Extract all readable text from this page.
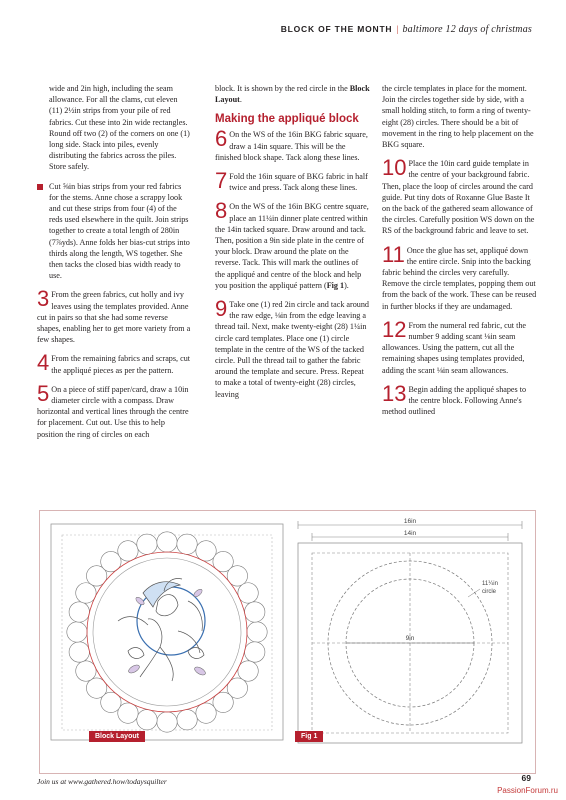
BLOCK OF THE MONTH | baltimore 12 days of christmas

wide and 2in high, including the seam allowance. For all the clams, cut eleven (11) 2½in strips from your pile of red fabrics. Cut these into 2in wide rectangles. Round off two (2) of the corners on one (1) long side. Stack into piles, evenly distributing the fabrics across the piles. Store safely.

Cut ⅝in bias strips from your red fabrics for the stems. Anne chose a scrappy look and cut these strips from four (4) of the reds used elsewhere in the quilt. Join strips together to create a total length of 280in (7⅞yds). Anne folds her bias-cut strips into thirds along the length, WS together. She then tacks the closed bias width ready to use.

3 From the green fabrics, cut holly and ivy leaves using the templates provided. Anne cut in pairs so that she had some reverse shapes, enabling her to get more variety from a few shapes.

4 From the remaining fabrics and scraps, cut the appliqué pieces as per the pattern.

5 On a piece of stiff paper/card, draw a 10in diameter circle with a compass. Draw horizontal and vertical lines through the centre for placement. Cut out. Use this to help position the ring of circles on each

block. It is shown by the red circle in the Block Layout.

Making the appliqué block

6 On the WS of the 16in BKG fabric square, draw a 14in square. This will be the finished block shape. Tack along these lines.

7 Fold the 16in square of BKG fabric in half twice and press. Tack along these lines.

8 On the WS of the 16in BKG centre square, place an 11¼in dinner plate centred within the 14in tacked square. Draw around and tack. Then, position a 9in side plate in the centre of your block. Draw around the plate on the reverse. Tack. This will mark the outlines of the appliqué and centre of the block and help you position the appliqué pattern (Fig 1).

9 Take one (1) red 2in circle and tack around the raw edge, ⅛in from the edge leaving a thread tail. Next, make twenty-eight (28) 1¼in circle card templates. Place one (1) circle template in the centre of the WS of the tacked circle. Pull the thread tail to gather the fabric around the template and secure. Press. Repeat to make a total of twenty-eight (28) circles, leaving

the circle templates in place for the moment. Join the circles together side by side, with a small holding stitch, to form a ring of twenty-eight (28) circles. There should be a bit of movement in the ring to help placement on the BKG square.

10 Place the 10in card guide template in the centre of your background fabric. Then, place the loop of circles around the card guide. Put tiny dots of Roxanne Glue Baste It on the back of the gathered seam allowance of the circles. Carefully position WS down on the RS of the background fabric and leave to set.

11 Once the glue has set, appliqué down the entire circle. Snip into the backing fabric behind the circles very carefully. Remove the circle templates, popping them out from the back of the work. These can be reused in further blocks if they are undamaged.

12 From the numeral red fabric, cut the number 9 adding scant ⅛in seam allowances. Using the pattern, cut all the remaining shapes using templates provided, adding the scant ⅛in seam allowances.

13 Begin adding the appliqué shapes to the centre block. Following Anne's method outlined

Block Layout
16in
14in
9in
11¼in
circle
Fig 1
Join us at www.gathered.how/todaysquilter	69
PassionForum.ru
